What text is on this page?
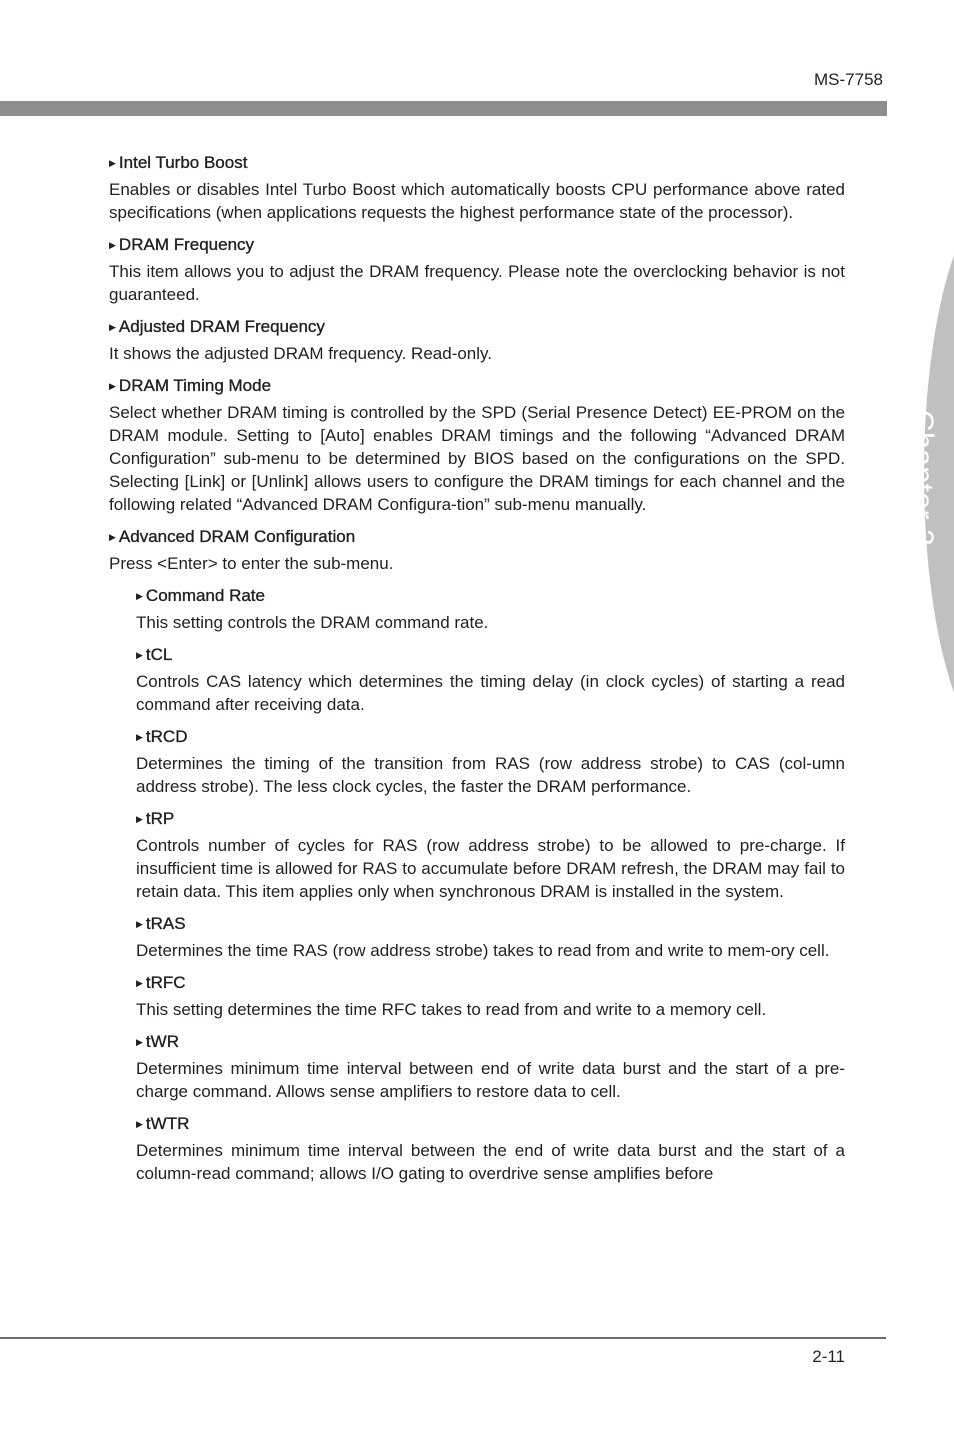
MS-7758
Chapter 2
▶ Intel Turbo Boost

Enables or disables Intel Turbo Boost which automatically boosts CPU performance above rated specifications (when applications requests the highest performance state of the processor).

▶ DRAM Frequency

This item allows you to adjust the DRAM frequency. Please note the overclocking behavior is not guaranteed.

▶ Adjusted DRAM Frequency

It shows the adjusted DRAM frequency. Read-only.

▶ DRAM Timing Mode

Select whether DRAM timing is controlled by the SPD (Serial Presence Detect) EE-PROM on the DRAM module. Setting to [Auto] enables DRAM timings and the following “Advanced DRAM Configuration” sub-menu to be determined by BIOS based on the configurations on the SPD. Selecting [Link] or [Unlink] allows users to configure the DRAM timings for each channel and the following related “Advanced DRAM Configura-tion” sub-menu manually.

▶ Advanced DRAM Configuration

Press <Enter> to enter the sub-menu.

▶ Command Rate

This setting controls the DRAM command rate.

▶ tCL

Controls CAS latency which determines the timing delay (in clock cycles) of starting a read command after receiving data.

▶ tRCD

Determines the timing of the transition from RAS (row address strobe) to CAS (col-umn address strobe). The less clock cycles, the faster the DRAM performance.

▶ tRP

Controls number of cycles for RAS (row address strobe) to be allowed to pre-charge. If insufficient time is allowed for RAS to accumulate before DRAM refresh, the DRAM may fail to retain data. This item applies only when synchronous DRAM is installed in the system.

▶ tRAS

Determines the time RAS (row address strobe) takes to read from and write to mem-ory cell.

▶ tRFC

This setting determines the time RFC takes to read from and write to a memory cell.

▶ tWR

Determines minimum time interval between end of write data burst and the start of a pre-charge command. Allows sense amplifiers to restore data to cell.

▶ tWTR

Determines minimum time interval between the end of write data burst and the start of a column-read command; allows I/O gating to overdrive sense amplifies before

2-11
